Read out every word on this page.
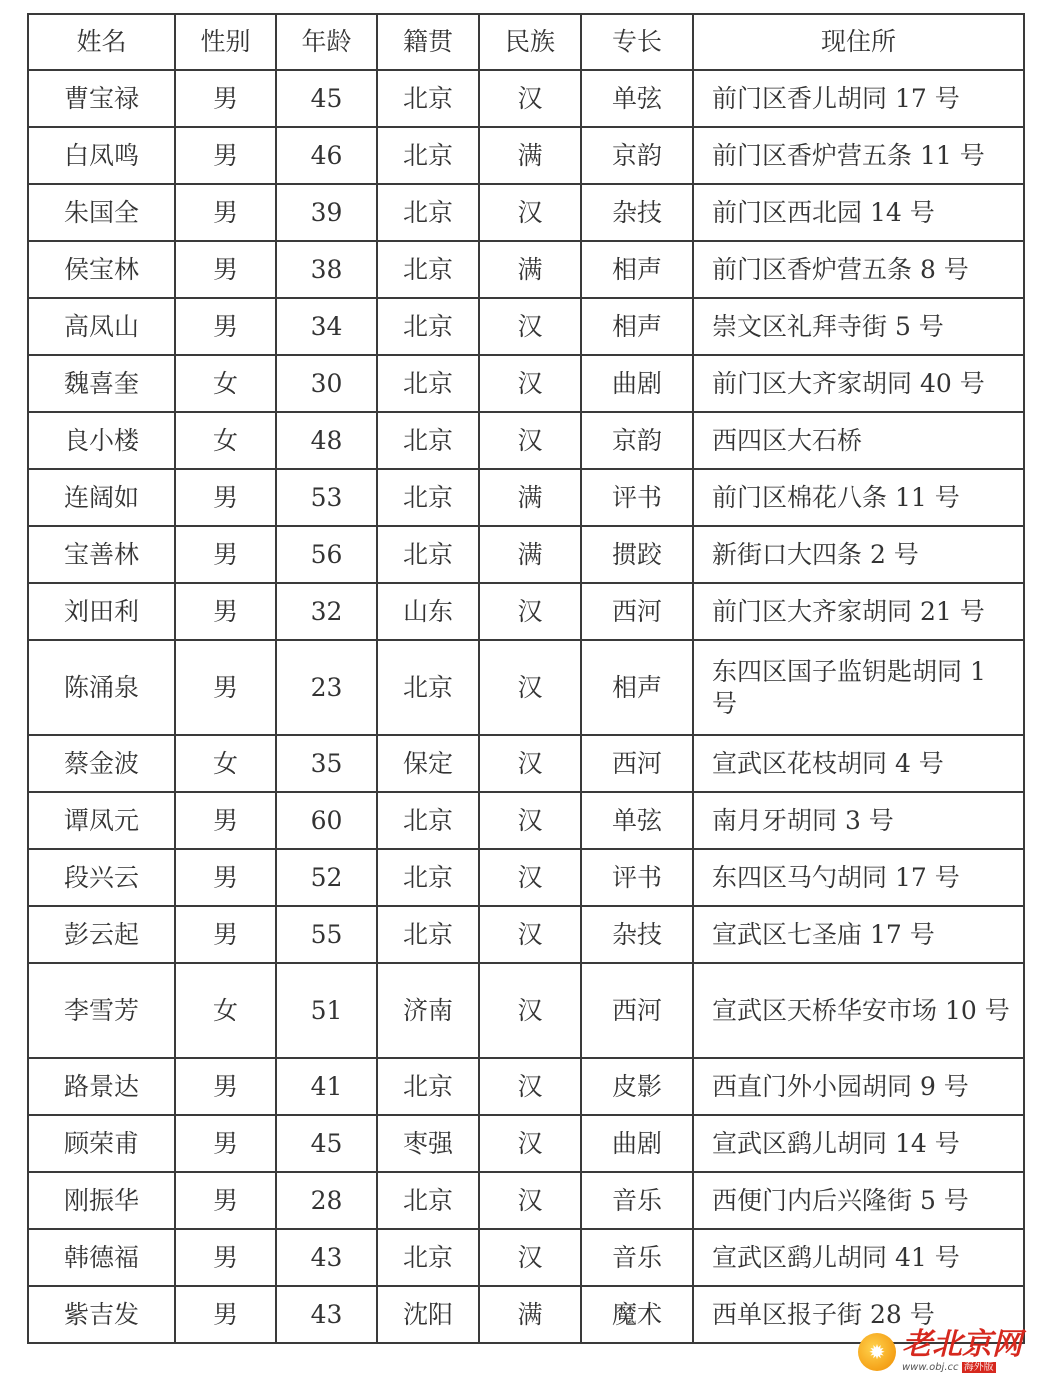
姓名	性别	年龄	籍贯	民族	专长	现住所
曹宝禄	男	45	北京	汉	单弦	前门区香儿胡同 17 号
白凤鸣	男	46	北京	满	京韵	前门区香炉营五条 11 号
朱国全	男	39	北京	汉	杂技	前门区西北园 14 号
侯宝林	男	38	北京	满	相声	前门区香炉营五条 8 号
高凤山	男	34	北京	汉	相声	崇文区礼拜寺街 5 号
魏喜奎	女	30	北京	汉	曲剧	前门区大齐家胡同 40 号
良小楼	女	48	北京	汉	京韵	西四区大石桥
连阔如	男	53	北京	满	评书	前门区棉花八条 11 号
宝善林	男	56	北京	满	掼跤	新街口大四条 2 号
刘田利	男	32	山东	汉	西河	前门区大齐家胡同 21 号
陈涌泉	男	23	北京	汉	相声	东四区国子监钥匙胡同 1 号
蔡金波	女	35	保定	汉	西河	宣武区花枝胡同 4 号
谭凤元	男	60	北京	汉	单弦	南月牙胡同 3 号
段兴云	男	52	北京	汉	评书	东四区马勺胡同 17 号
彭云起	男	55	北京	汉	杂技	宣武区七圣庙 17 号
李雪芳	女	51	济南	汉	西河	宣武区天桥华安市场 10 号
路景达	男	41	北京	汉	皮影	西直门外小园胡同 9 号
顾荣甫	男	45	枣强	汉	曲剧	宣武区鹞儿胡同 14 号
刚振华	男	28	北京	汉	音乐	西便门内后兴隆街 5 号
韩德福	男	43	北京	汉	音乐	宣武区鹞儿胡同 41 号
紫吉发	男	43	沈阳	满	魔术	西单区报子街 28 号
✹ 老北京网
www.obj.cc 海外版
